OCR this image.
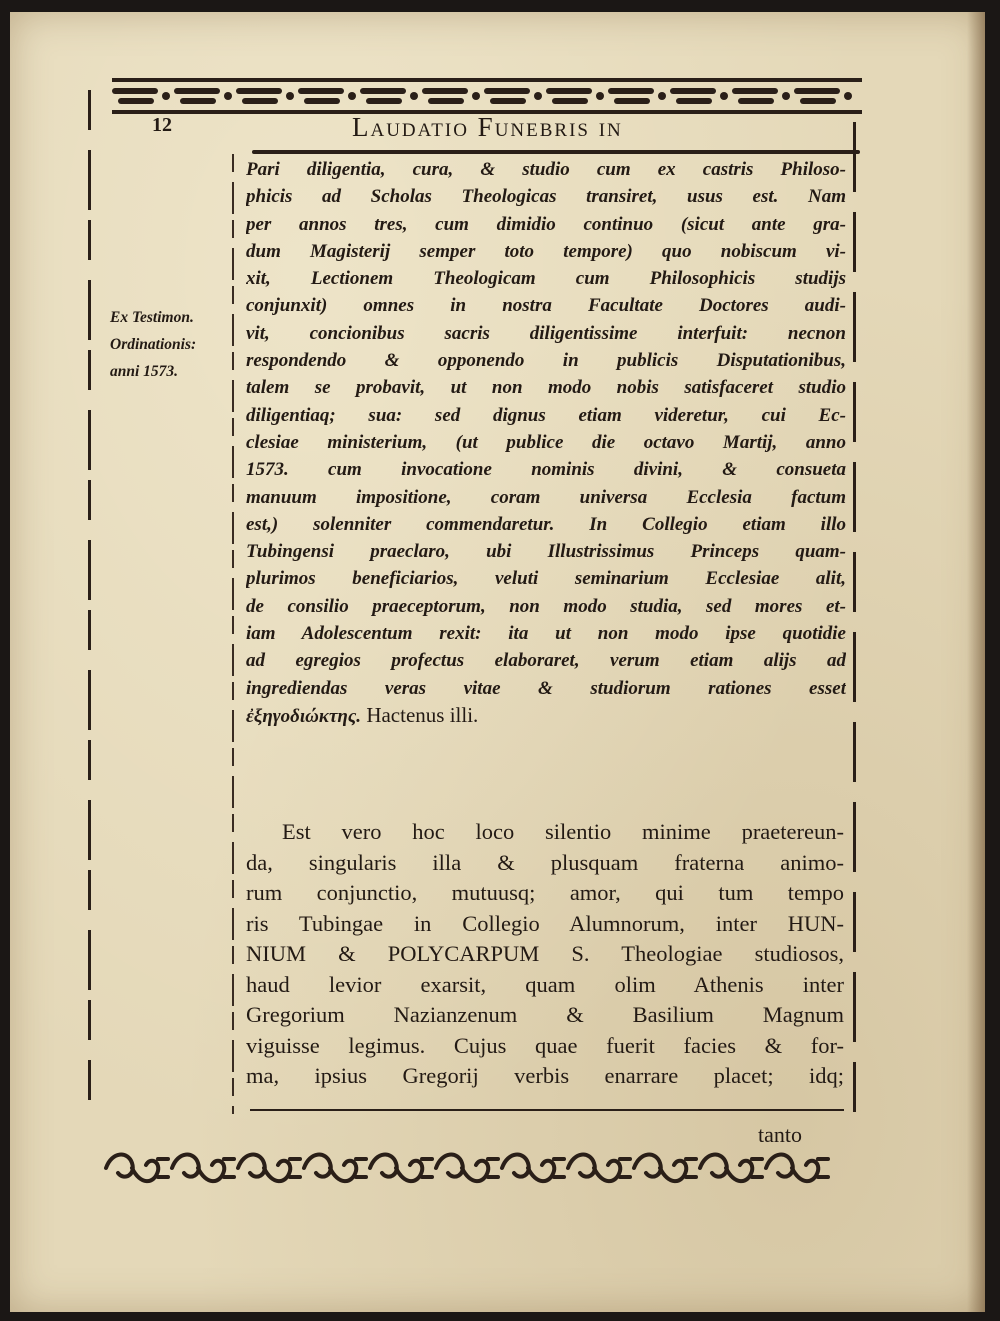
12	Laudatio Funebris in
Ex Testimon.
Ordinationis:
anni 1573.
Pari diligentia, cura, & studio cum ex castris Philoso-
phicis ad Scholas Theologicas transiret, usus est. Nam
per annos tres, cum dimidio continuo (sicut ante gra-
dum Magisterij semper toto tempore) quo nobiscum vi-
xit, Lectionem Theologicam cum Philosophicis studijs
conjunxit) omnes in nostra Facultate Doctores audi-
vit, concionibus sacris diligentissime interfuit: necnon
respondendo & opponendo in publicis Disputationibus,
talem se probavit, ut non modo nobis satisfaceret studio
diligentiaq; sua: sed dignus etiam videretur, cui Ec-
clesiae ministerium, (ut publice die octavo Martij, anno
1573. cum invocatione nominis divini, & consueta
manuum impositione, coram universa Ecclesia factum
est,) solenniter commendaretur. In Collegio etiam illo
Tubingensi praeclaro, ubi Illustrissimus Princeps quam-
plurimos beneficiarios, veluti seminarium Ecclesiae alit,
de consilio praeceptorum, non modo studia, sed mores et-
iam Adolescentum rexit: ita ut non modo ipse quotidie
ad egregios profectus elaboraret, verum etiam alijs ad
ingrediendas veras vitae & studiorum rationes esset
ἐξηγοδιώκτης. Hactenus illi.
Est vero hoc loco silentio minime praetereun-
da, singularis illa & plusquam fraterna animo-
rum conjunctio, mutuusq; amor, qui tum tempo
ris Tubingae in Collegio Alumnorum, inter HUN-
NIUM & POLYCARPUM S. Theologiae studiosos,
haud levior exarsit, quam olim Athenis inter
Gregorium Nazianzenum & Basilium Magnum
viguisse legimus. Cujus quae fuerit facies & for-
ma, ipsius Gregorij verbis enarrare placet; idq;
tanto
